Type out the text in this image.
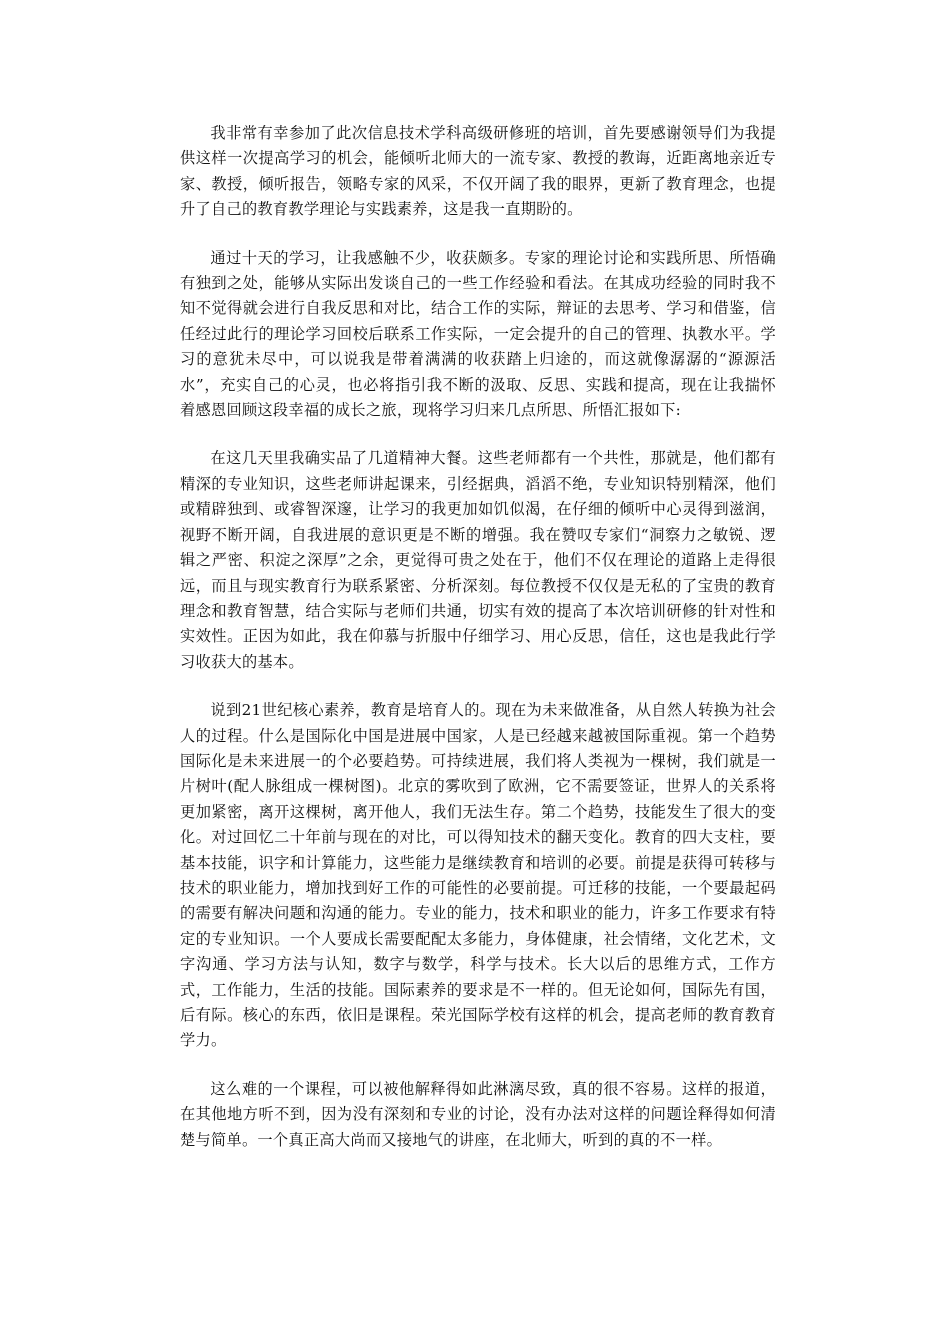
我非常有幸参加了此次信息技术学科高级研修班的培训，首先要感谢领导们为我提供这样一次提高学习的机会，能倾听北师大的一流专家、教授的教诲，近距离地亲近专家、教授，倾听报告，领略专家的风采，不仅开阔了我的眼界，更新了教育理念，也提升了自己的教育教学理论与实践素养，这是我一直期盼的。

通过十天的学习，让我感触不少，收获颇多。专家的理论讨论和实践所思、所悟确有独到之处，能够从实际出发谈自己的一些工作经验和看法。在其成功经验的同时我不知不觉得就会进行自我反思和对比，结合工作的实际，辩证的去思考、学习和借鉴，信任经过此行的理论学习回校后联系工作实际，一定会提升的自己的管理、执教水平。学习的意犹未尽中，可以说我是带着满满的收获踏上归途的，而这就像潺潺的“源源活水”，充实自己的心灵，也必将指引我不断的汲取、反思、实践和提高，现在让我揣怀着感恩回顾这段幸福的成长之旅，现将学习归来几点所思、所悟汇报如下:

在这几天里我确实品了几道精神大餐。这些老师都有一个共性，那就是，他们都有精深的专业知识，这些老师讲起课来，引经据典，滔滔不绝，专业知识特别精深，他们或精辟独到、或睿智深邃，让学习的我更加如饥似渴，在仔细的倾听中心灵得到滋润，视野不断开阔，自我进展的意识更是不断的增强。我在赞叹专家们“洞察力之敏锐、逻辑之严密、积淀之深厚”之余，更觉得可贵之处在于，他们不仅在理论的道路上走得很远，而且与现实教育行为联系紧密、分析深刻。每位教授不仅仅是无私的了宝贵的教育理念和教育智慧，结合实际与老师们共通，切实有效的提高了本次培训研修的针对性和实效性。正因为如此，我在仰慕与折服中仔细学习、用心反思，信任，这也是我此行学习收获大的基本。

说到21世纪核心素养，教育是培育人的。现在为未来做准备，从自然人转换为社会人的过程。什么是国际化中国是进展中国家，人是已经越来越被国际重视。第一个趋势国际化是未来进展一的个必要趋势。可持续进展，我们将人类视为一棵树，我们就是一片树叶(配人脉组成一棵树图)。北京的雾吹到了欧洲，它不需要签证，世界人的关系将更加紧密，离开这棵树，离开他人，我们无法生存。第二个趋势，技能发生了很大的变化。对过回忆二十年前与现在的对比，可以得知技术的翻天变化。教育的四大支柱，要基本技能，识字和计算能力，这些能力是继续教育和培训的必要。前提是获得可转移与技术的职业能力，增加找到好工作的可能性的必要前提。可迁移的技能，一个要最起码的需要有解决问题和沟通的能力。专业的能力，技术和职业的能力，许多工作要求有特定的专业知识。一个人要成长需要配配太多能力，身体健康，社会情绪，文化艺术，文字沟通、学习方法与认知，数字与数学，科学与技术。长大以后的思维方式，工作方式，工作能力，生活的技能。国际素养的要求是不一样的。但无论如何，国际先有国，后有际。核心的东西，依旧是课程。荣光国际学校有这样的机会，提高老师的教育教育学力。

这么难的一个课程，可以被他解释得如此淋漓尽致，真的很不容易。这样的报道，在其他地方听不到，因为没有深刻和专业的讨论，没有办法对这样的问题诠释得如何清楚与简单。一个真正高大尚而又接地气的讲座，在北师大，听到的真的不一样。
